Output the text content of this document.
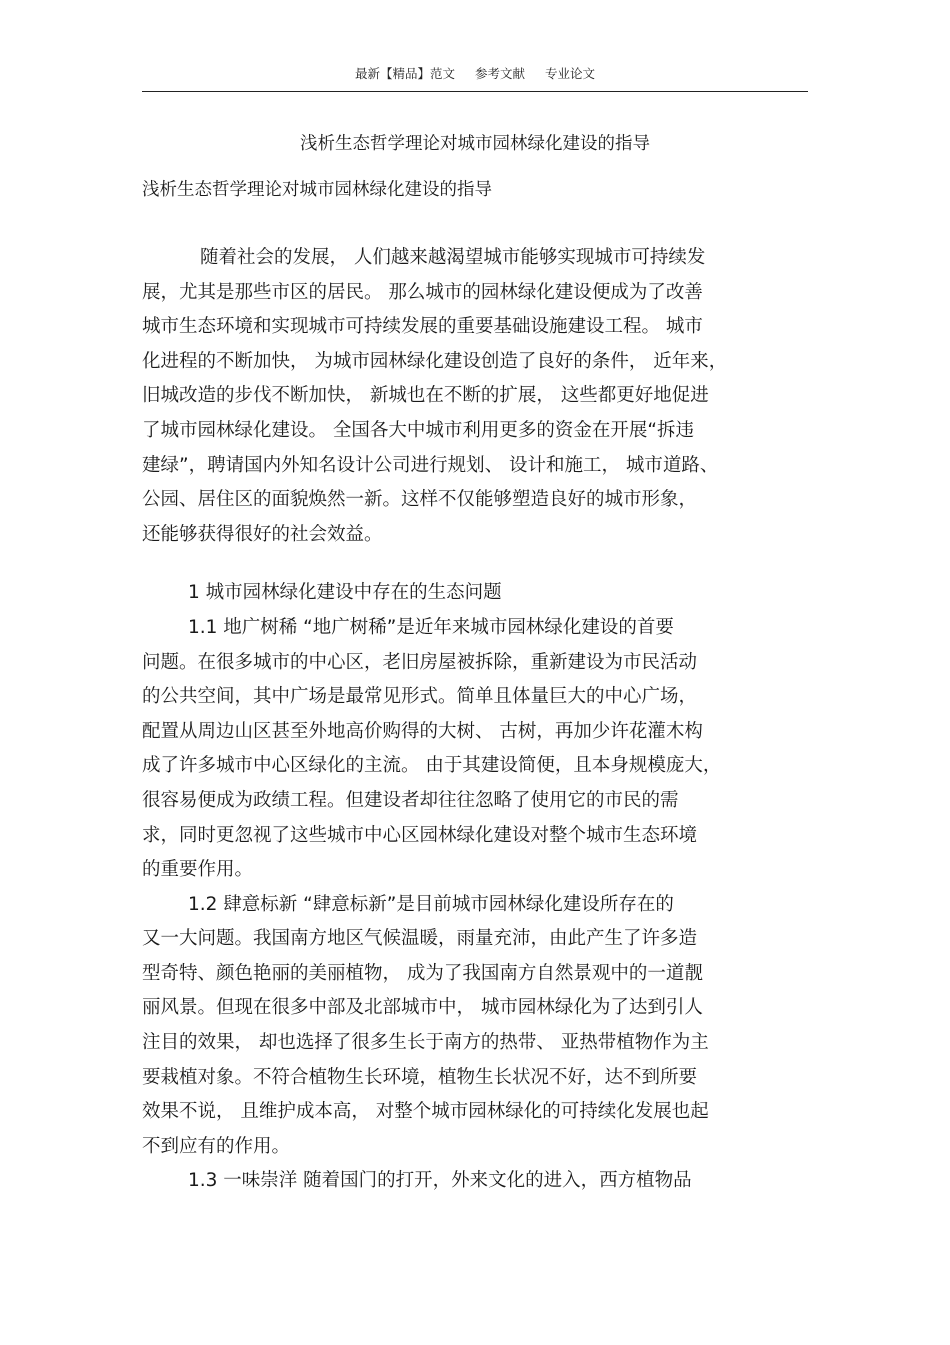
最新【精品】范文 参考文献 专业论文
浅析生态哲学理论对城市园林绿化建设的指导
浅析生态哲学理论对城市园林绿化建设的指导
随着社会的发展， 人们越来越渴望城市能够实现城市可持续发
展，尤其是那些市区的居民。 那么城市的园林绿化建设便成为了改善
城市生态环境和实现城市可持续发展的重要基础设施建设工程。 城市
化进程的不断加快， 为城市园林绿化建设创造了良好的条件， 近年来，
旧城改造的步伐不断加快， 新城也在不断的扩展， 这些都更好地促进
了城市园林绿化建设。 全国各大中城市利用更多的资金在开展“拆违
建绿”，聘请国内外知名设计公司进行规划、 设计和施工， 城市道路、
公园、居住区的面貌焕然一新。这样不仅能够塑造良好的城市形象，
还能够获得很好的社会效益。
1 城市园林绿化建设中存在的生态问题
1.1 地广树稀 “地广树稀”是近年来城市园林绿化建设的首要
问题。在很多城市的中心区，老旧房屋被拆除，重新建设为市民活动
的公共空间，其中广场是最常见形式。简单且体量巨大的中心广场，
配置从周边山区甚至外地高价购得的大树、 古树，再加少许花灌木构
成了许多城市中心区绿化的主流。 由于其建设简便，且本身规模庞大，
很容易便成为政绩工程。但建设者却往往忽略了使用它的市民的需
求，同时更忽视了这些城市中心区园林绿化建设对整个城市生态环境
的重要作用。
1.2 肆意标新 “肆意标新”是目前城市园林绿化建设所存在的
又一大问题。我国南方地区气候温暖，雨量充沛，由此产生了许多造
型奇特、颜色艳丽的美丽植物， 成为了我国南方自然景观中的一道靓
丽风景。但现在很多中部及北部城市中， 城市园林绿化为了达到引人
注目的效果， 却也选择了很多生长于南方的热带、 亚热带植物作为主
要栽植对象。不符合植物生长环境，植物生长状况不好，达不到所要
效果不说， 且维护成本高， 对整个城市园林绿化的可持续化发展也起
不到应有的作用。
1.3 一味崇洋 随着国门的打开，外来文化的进入，西方植物品
